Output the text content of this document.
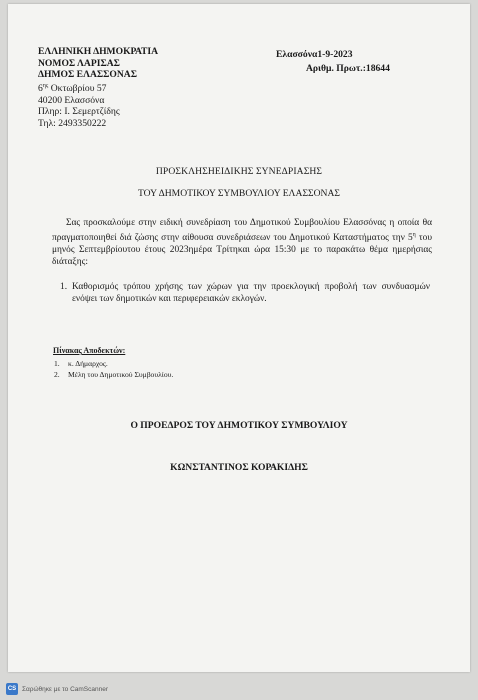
ΕΛΛΗΝΙΚΗ ΔΗΜΟΚΡΑΤΙΑ
ΝΟΜΟΣ ΛΑΡΙΣΑΣ
ΔΗΜΟΣ ΕΛΑΣΣΟΝΑΣ
$6^{\eta\varsigma}$ Οκτωβρίου 57
40200 Ελασσόνα
Πληρ: Ι. Σεμερτζίδης
Τηλ: 2493350222
Ελασσόνα1-9-2023
Αριθμ. Πρωτ.:18644
ΠΡΟΣΚΛΗΣΗΕΙΔΙΚΗΣ ΣΥΝΕΔΡΙΑΣΗΣ
ΤΟΥ ΔΗΜΟΤΙΚΟΥ ΣΥΜΒΟΥΛΙΟΥ ΕΛΑΣΣΟΝΑΣ
Σας προσκαλούμε στην ειδική συνεδρίαση του Δημοτικού Συμβουλίου Ελασσόνας η οποία θα πραγματοποιηθεί διά ζώσης στην αίθουσα συνεδριάσεων του Δημοτικού Καταστήματος την $5^\eta$ του μηνός Σεπτεμβρίουτου έτους 2023ημέρα Τρίτηκαι ώρα 15:30 με το παρακάτω θέμα ημερήσιας διάταξης:
1. Καθορισμός τρόπου χρήσης των χώρων για την προεκλογική προβολή των συνδυασμών ενόψει των δημοτικών και περιφερειακών εκλογών.
Πίνακας Αποδεκτών:
1.	κ. Δήμαρχος.
2.	Μέλη του Δημοτικού Συμβουλίου.
Ο ΠΡΟΕΔΡΟΣ ΤΟΥ ΔΗΜΟΤΙΚΟΥ ΣΥΜΒΟΥΛΙΟΥ
ΚΩΝΣΤΑΝΤΙΝΟΣ ΚΟΡΑΚΙΔΗΣ
CS Σαρώθηκε με το CamScanner
